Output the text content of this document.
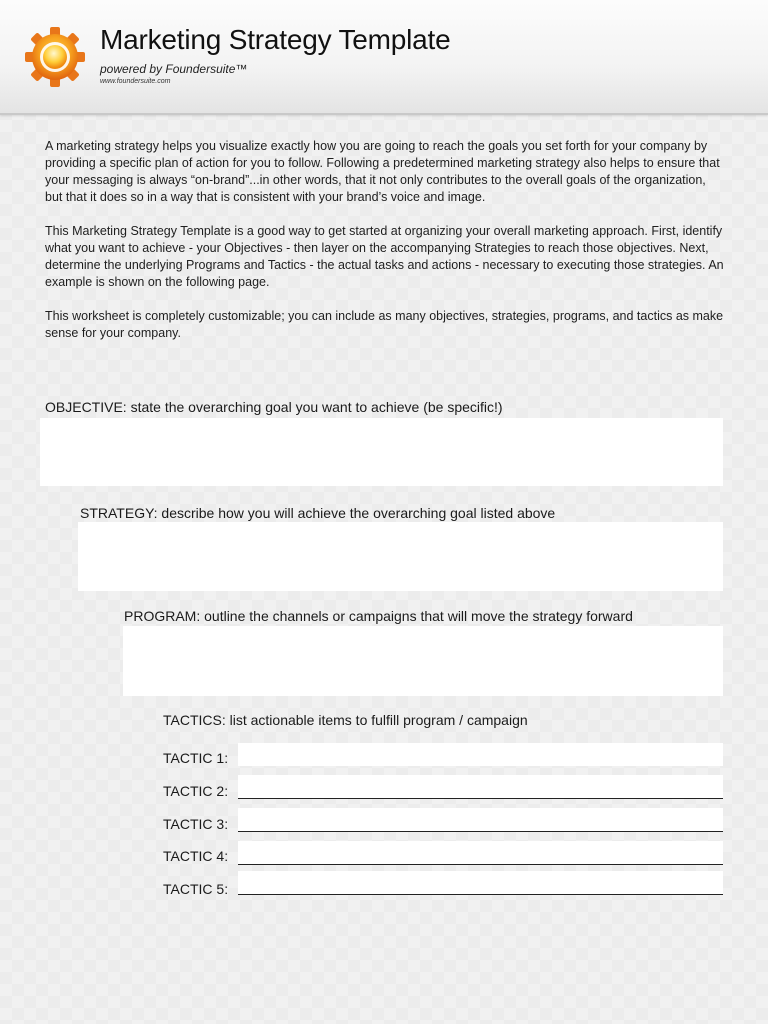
Marketing Strategy Template
powered by Foundersuite™
www.foundersuite.com

A marketing strategy helps you visualize exactly how you are going to reach the goals you set forth for your company by providing a specific plan of action for you to follow. Following a predetermined marketing strategy also helps to ensure that your messaging is always “on-brand”...in other words, that it not only contributes to the overall goals of the organization, but that it does so in a way that is consistent with your brand’s voice and image.

This Marketing Strategy Template is a good way to get started at organizing your overall marketing approach. First, identify what you want to achieve - your Objectives - then layer on the accompanying Strategies to reach those objectives. Next, determine the underlying Programs and Tactics - the actual tasks and actions - necessary to executing those strategies. An example is shown on the following page.

This worksheet is completely customizable; you can include as many objectives, strategies, programs, and tactics as make sense for your company.

OBJECTIVE: state the overarching goal you want to achieve (be specific!)
STRATEGY: describe how you will achieve the overarching goal listed above
PROGRAM: outline the channels or campaigns that will move the strategy forward
TACTICS: list actionable items to fulfill program / campaign
TACTIC 1:
TACTIC 2:
TACTIC 3:
TACTIC 4:
TACTIC 5:
